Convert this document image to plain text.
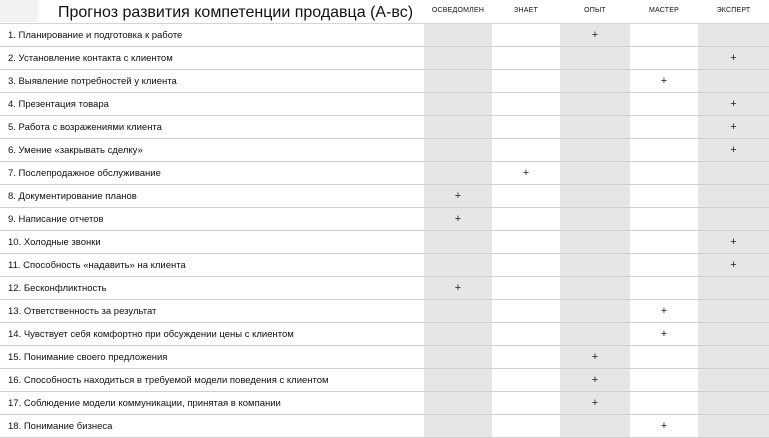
Прогноз развития компетенции продавца (А-вс)	ОСВЕДОМЛЕН	ЗНАЕТ	ОПЫТ	МАСТЕР	ЭКСПЕРТ
1. Планирование и подготовка к работе			+		
2. Установление контакта с клиентом					+
3. Выявление потребностей у клиента				+	
4. Презентация товара					+
5. Работа с возражениями клиента					+
6. Умение «закрывать сделку»					+
7. Послепродажное обслуживание		+			
8. Документирование планов	+				
9. Написание отчетов	+				
10. Холодные звонки					+
11. Способность «надавить» на клиента					+
12. Бесконфликтность	+				
13. Ответственность за результат				+	
14. Чувствует себя комфортно при обсуждении цены с клиентом				+	
15. Понимание своего предложения			+		
16. Способность находиться в требуемой модели поведения с клиентом			+		
17. Соблюдение модели коммуникации, принятая в компании			+		
18. Понимание бизнеса				+	
